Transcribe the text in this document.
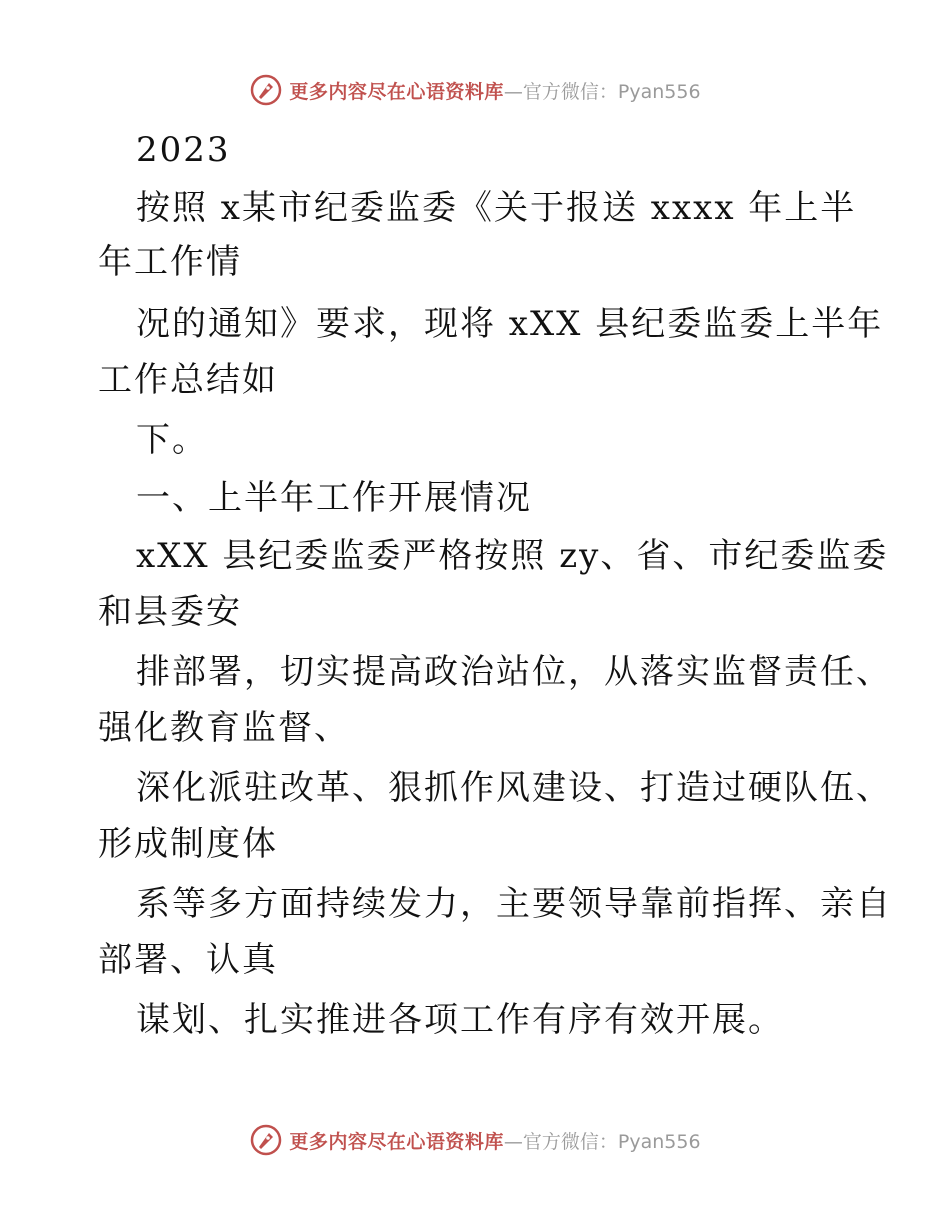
更多内容尽在心语资料库 —官方微信：Pyan556
2023
按照 x某市纪委监委《关于报送 xxxx 年上半
年工作情
况的通知》要求，现将 xXX 县纪委监委上半年
工作总结如
下。
一、上半年工作开展情况
xXX 县纪委监委严格按照 zy、省、市纪委监委
和县委安
排部署，切实提高政治站位，从落实监督责任、
强化教育监督、
深化派驻改革、狠抓作风建设、打造过硬队伍、
形成制度体
系等多方面持续发力，主要领导靠前指挥、亲自
部署、认真
谋划、扎实推进各项工作有序有效开展。
更多内容尽在心语资料库 —官方微信：Pyan556
